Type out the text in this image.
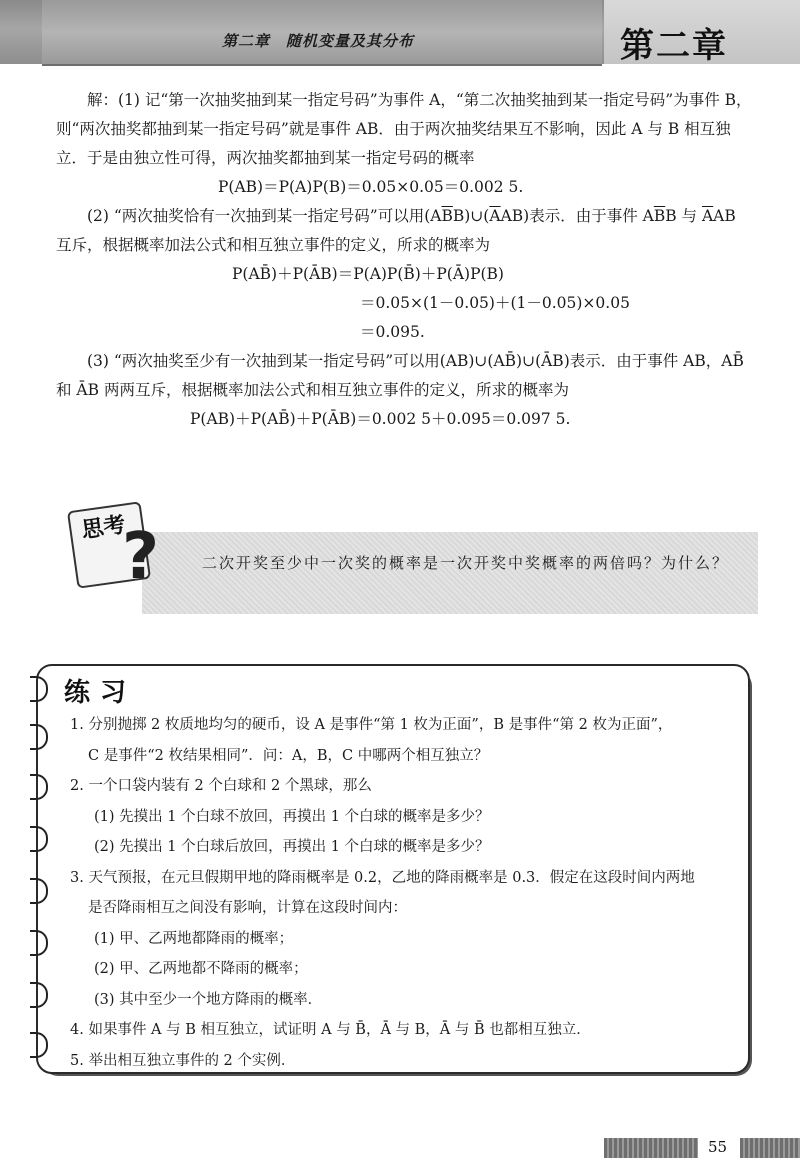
第二章　随机变量及其分布	第二章

解：(1) 记“第一次抽奖抽到某一指定号码”为事件 A，“第二次抽奖抽到某一指定号码”为事件 B，则“两次抽奖都抽到某一指定号码”就是事件 AB．由于两次抽奖结果互不影响，因此 A 与 B 相互独立．于是由独立性可得，两次抽奖都抽到某一指定号码的概率

P(AB)＝P(A)P(B)＝0.05×0.05＝0.002 5.

(2) “两次抽奖恰有一次抽到某一指定号码”可以用$(A\overline{B}B)\cup(\overline{A}AB)$表示．由于事件 $A\overline{B}B$ 与 $\overline{A}AB$ 互斥，根据概率加法公式和相互独立事件的定义，所求的概率为

P(AB̄)＋P(ĀB)＝P(A)P(B̄)＋P(Ā)P(B)

＝0.05×(1－0.05)＋(1－0.05)×0.05

＝0.095.

(3) “两次抽奖至少有一次抽到某一指定号码”可以用(AB)∪(AB̄)∪(ĀB)表示．由于事件 AB，AB̄ 和 ĀB 两两互斥，根据概率加法公式和相互独立事件的定义，所求的概率为

P(AB)＋P(AB̄)＋P(ĀB)＝0.002 5＋0.095＝0.097 5.

思考
?	二次开奖至少中一次奖的概率是一次开奖中奖概率的两倍吗？为什么？
练习

1. 分别抛掷 2 枚质地均匀的硬币，设 A 是事件“第 1 枚为正面”，B 是事件“第 2 枚为正面”，

C 是事件“2 枚结果相同”．问：A，B，C 中哪两个相互独立？

2. 一个口袋内装有 2 个白球和 2 个黑球，那么

(1) 先摸出 1 个白球不放回，再摸出 1 个白球的概率是多少？

(2) 先摸出 1 个白球后放回，再摸出 1 个白球的概率是多少？

3. 天气预报，在元旦假期甲地的降雨概率是 0.2，乙地的降雨概率是 0.3．假定在这段时间内两地

是否降雨相互之间没有影响，计算在这段时间内：

(1) 甲、乙两地都降雨的概率；

(2) 甲、乙两地都不降雨的概率；

(3) 其中至少一个地方降雨的概率．

4. 如果事件 A 与 B 相互独立，试证明 A 与 B̄，Ā 与 B，Ā 与 B̄ 也都相互独立．

5. 举出相互独立事件的 2 个实例．

55
